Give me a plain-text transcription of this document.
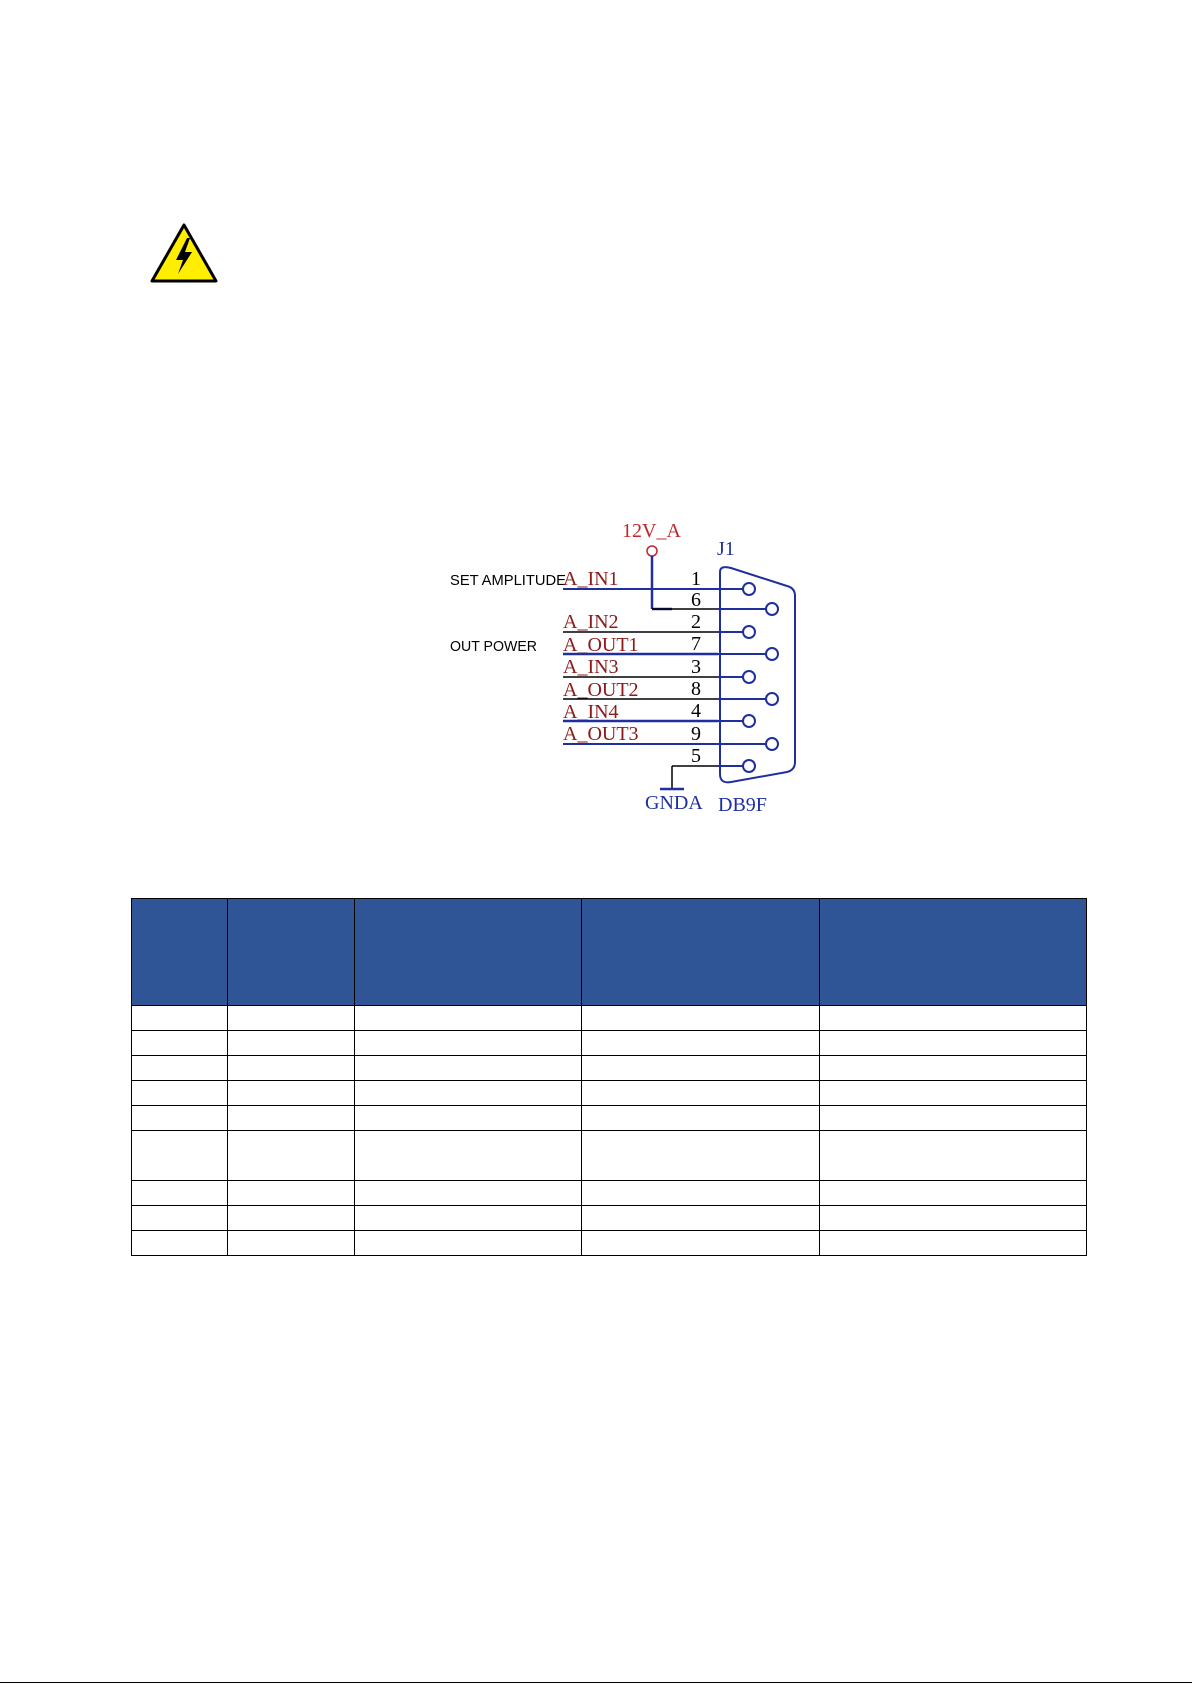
12V_A
J1
SET AMPLITUDE
OUT POWER
A_IN1
A_IN2
A_OUT1
A_IN3
A_OUT2
A_IN4
A_OUT3
1
6
2
7
3
8
4
9
5
GNDA DB9F
